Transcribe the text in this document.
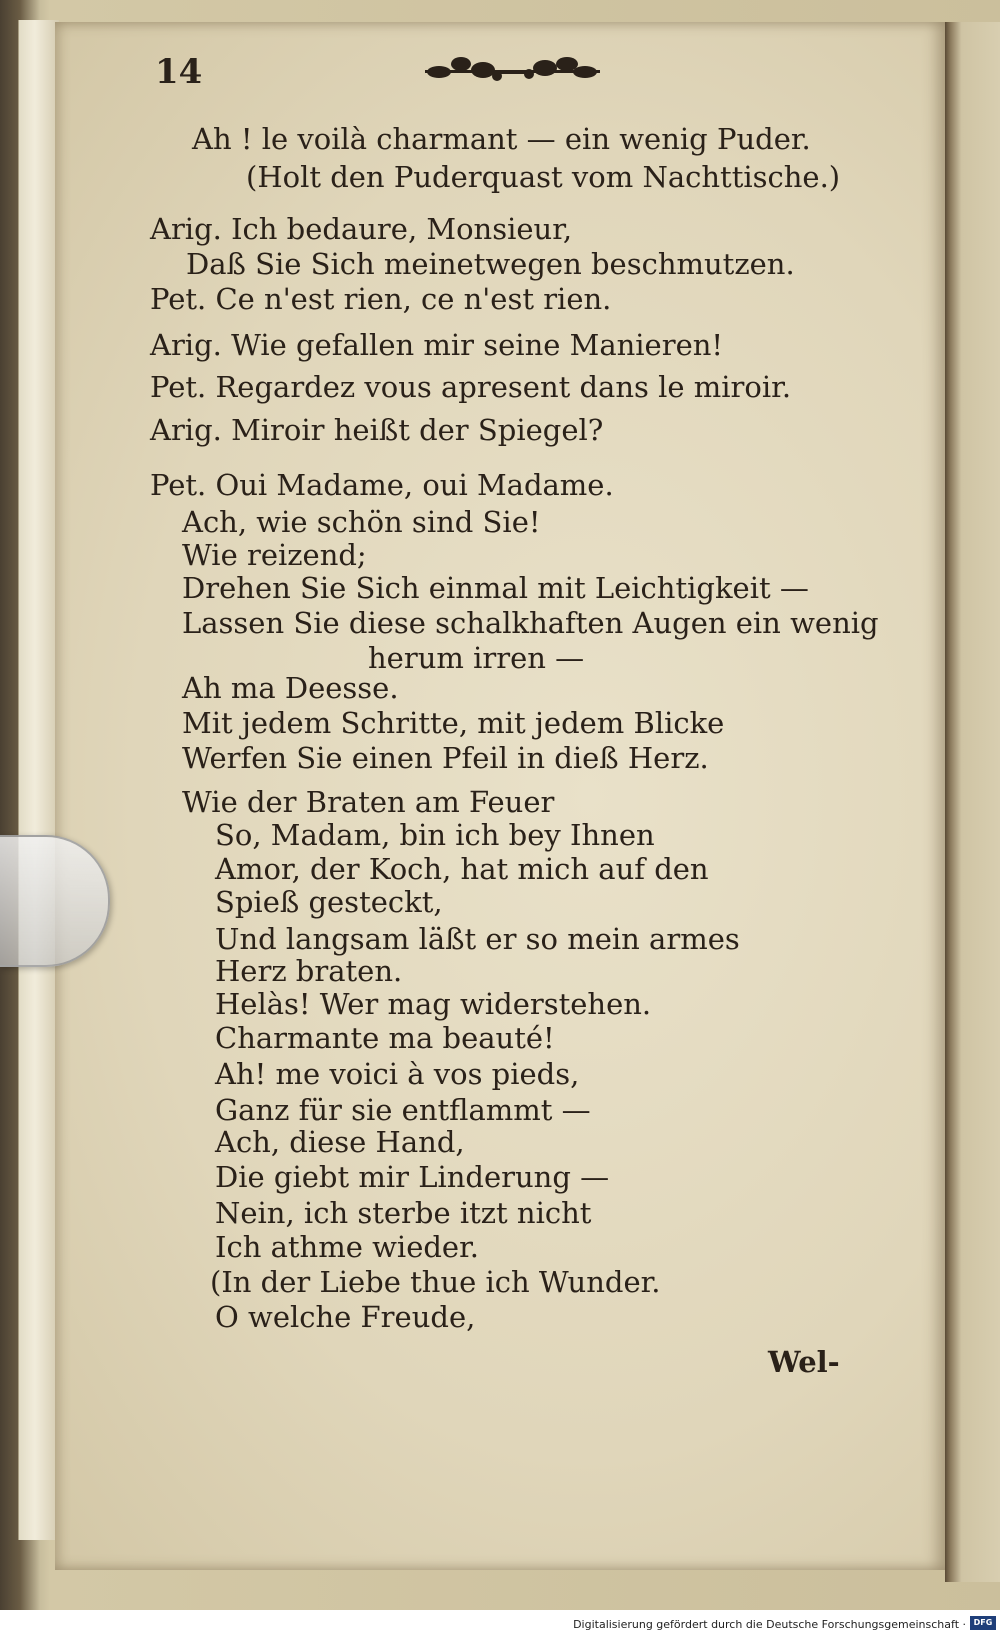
14
Ah ! le voilà charmant — ein wenig Puder.
(Holt den Puderquast vom Nachttische.)
Arig. Ich bedaure, Monsieur,
Daß Sie Sich meinetwegen beschmutzen.
Pet. Ce n'est rien, ce n'est rien.
Arig. Wie gefallen mir seine Manieren!
Pet. Regardez vous apresent dans le miroir.
Arig. Miroir heißt der Spiegel?
Pet. Oui Madame, oui Madame.
Ach, wie schön sind Sie!
Wie reizend;
Drehen Sie Sich einmal mit Leichtigkeit —
Lassen Sie diese schalkhaften Augen ein wenig
herum irren —
Ah ma Deesse.
Mit jedem Schritte, mit jedem Blicke
Werfen Sie einen Pfeil in dieß Herz.
Wie der Braten am Feuer
So, Madam, bin ich bey Ihnen
Amor, der Koch, hat mich auf den
Spieß gesteckt,
Und langsam läßt er so mein armes
Herz braten.
Helàs! Wer mag widerstehen.
Charmante ma beauté!
Ah! me voici à vos pieds,
Ganz für sie entflammt —
Ach, diese Hand,
Die giebt mir Linderung —
Nein, ich sterbe itzt nicht
Ich athme wieder.
(In der Liebe thue ich Wunder.
O welche Freude,
Wel-
Digitalisierung gefördert durch die Deutsche Forschungsgemeinschaft · DFG
